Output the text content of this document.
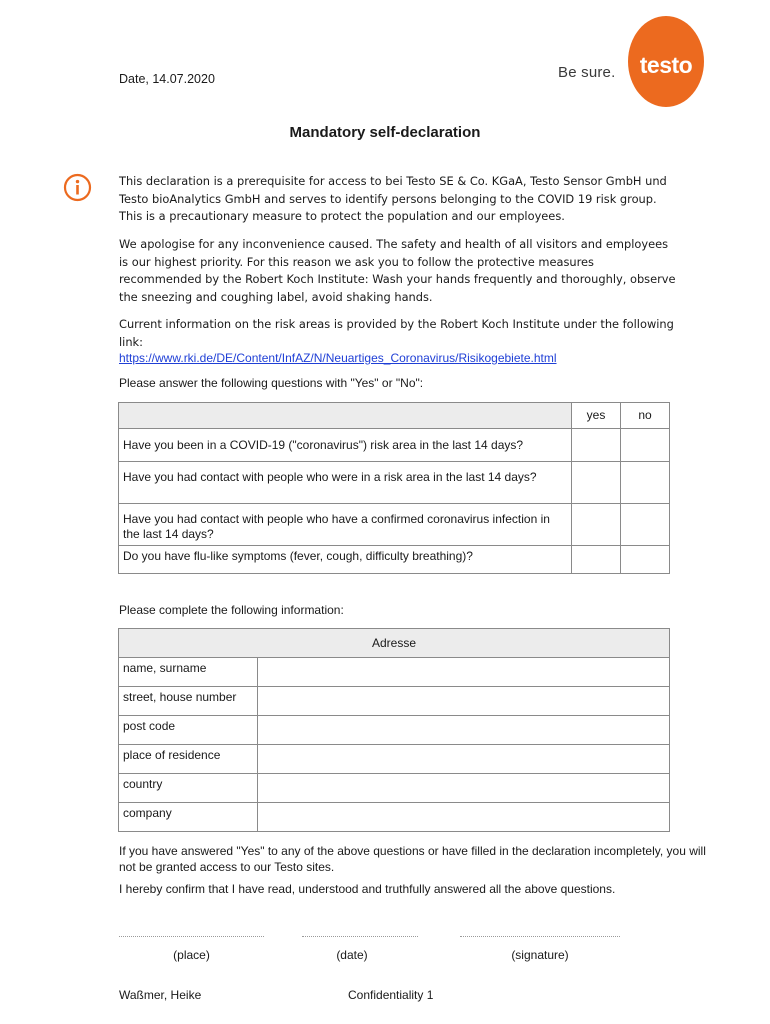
Date, 14.07.2020	Be sure.	testo
Mandatory self-declaration
This declaration is a prerequisite for access to bei Testo SE & Co. KGaA, Testo Sensor GmbH und Testo bioAnalytics GmbH and serves to identify persons belonging to the COVID 19 risk group. This is a precautionary measure to protect the population and our employees.
We apologise for any inconvenience caused. The safety and health of all visitors and employees is our highest priority. For this reason we ask you to follow the protective measures recommended by the Robert Koch Institute: Wash your hands frequently and thoroughly, observe the sneezing and coughing label, avoid shaking hands.
Current information on the risk areas is provided by the Robert Koch Institute under the following link:
https://www.rki.de/DE/Content/InfAZ/N/Neuartiges_Coronavirus/Risikogebiete.html
Please answer the following questions with "Yes" or "No":
	yes	no
Have you been in a COVID-19 ("coronavirus") risk area in the last 14 days?		
Have you had contact with people who were in a risk area in the last 14 days?		
Have you had contact with people who have a confirmed coronavirus infection in the last 14 days?		
Do you have flu-like symptoms (fever, cough, difficulty breathing)?		
Please complete the following information:
Adresse	
name, surname	
street, house number	
post code	
place of residence	
country	
company	
If you have answered "Yes" to any of the above questions or have filled in the declaration incompletely, you will not be granted access to our Testo sites.
I hereby confirm that I have read, understood and truthfully answered all the above questions.
(place)	(date)	(signature)
Waßmer, Heike	Confidentiality 1
